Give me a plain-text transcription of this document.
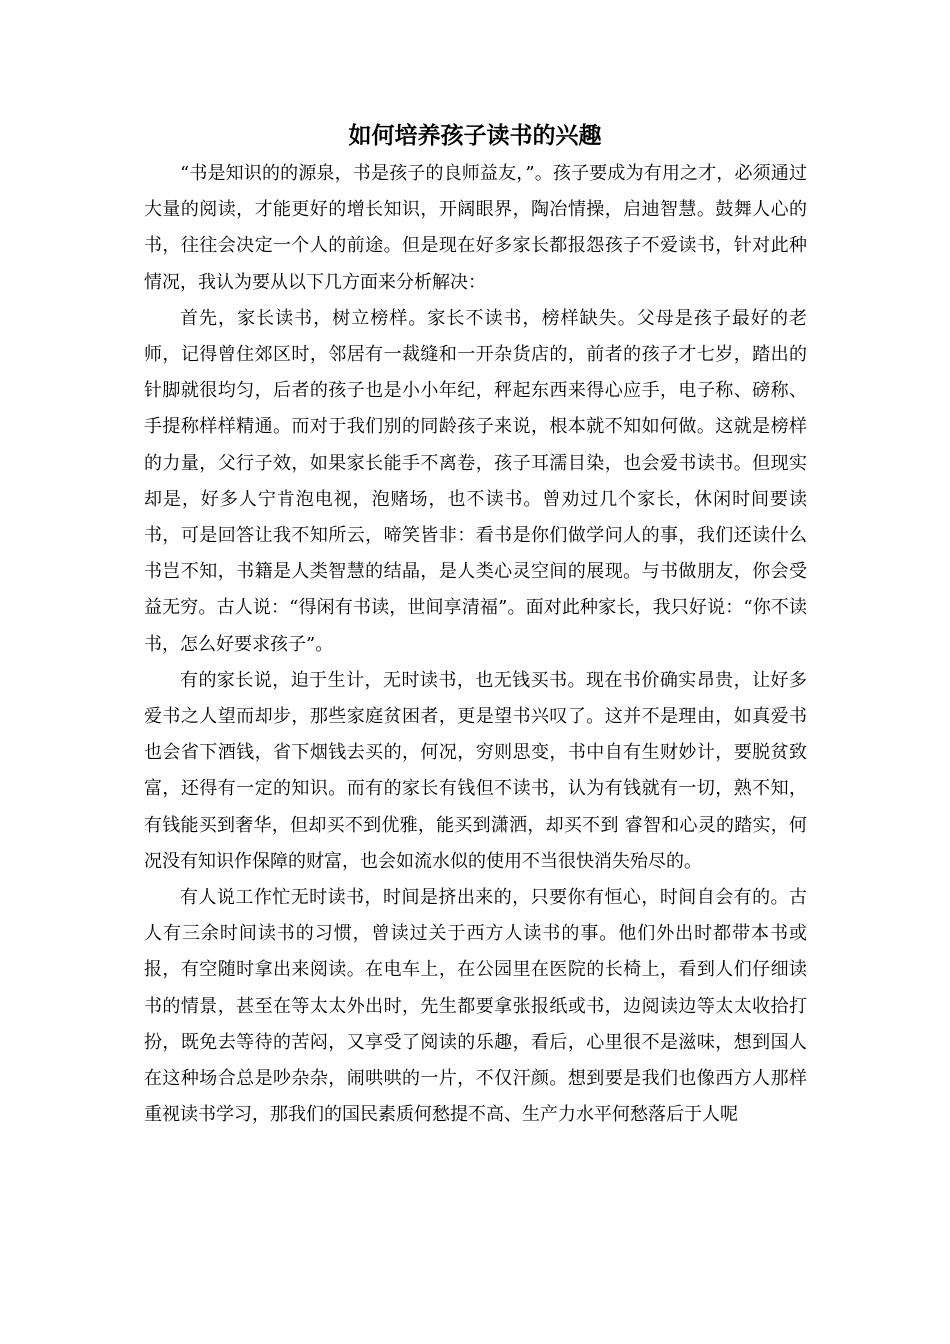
如何培养孩子读书的兴趣

“书是知识的的源泉，书是孩子的良师益友，”。孩子要成为有用之才，必须通过大量的阅读，才能更好的增长知识，开阔眼界，陶冶情操，启迪智慧。鼓舞人心的书，往往会决定一个人的前途。但是现在好多家长都报怨孩子不爱读书，针对此种情况，我认为要从以下几方面来分析解决：

首先，家长读书，树立榜样。家长不读书，榜样缺失。父母是孩子最好的老师，记得曾住郊区时，邻居有一裁缝和一开杂货店的，前者的孩子才七岁，踏出的针脚就很均匀，后者的孩子也是小小年纪，秤起东西来得心应手，电子称、磅称、手提称样样精通。而对于我们别的同龄孩子来说，根本就不知如何做。这就是榜样的力量，父行子效，如果家长能手不离卷，孩子耳濡目染，也会爱书读书。但现实却是，好多人宁肯泡电视，泡赌场，也不读书。曾劝过几个家长，休闲时间要读书，可是回答让我不知所云，啼笑皆非：看书是你们做学问人的事，我们还读什么书岂不知，书籍是人类智慧的结晶，是人类心灵空间的展现。与书做朋友，你会受益无穷。古人说：“得闲有书读，世间享清福”。面对此种家长，我只好说：“你不读书，怎么好要求孩子”。

有的家长说，迫于生计，无时读书，也无钱买书。现在书价确实昂贵，让好多爱书之人望而却步，那些家庭贫困者，更是望书兴叹了。这并不是理由，如真爱书也会省下酒钱，省下烟钱去买的，何况，穷则思变，书中自有生财妙计，要脱贫致富，还得有一定的知识。而有的家长有钱但不读书，认为有钱就有一切，熟不知，有钱能买到奢华，但却买不到优雅，能买到潇洒，却买不到 睿智和心灵的踏实，何况没有知识作保障的财富，也会如流水似的使用不当很快消失殆尽的。

有人说工作忙无时读书，时间是挤出来的，只要你有恒心，时间自会有的。古人有三余时间读书的习惯，曾读过关于西方人读书的事。他们外出时都带本书或报，有空随时拿出来阅读。在电车上，在公园里在医院的长椅上，看到人们仔细读书的情景，甚至在等太太外出时，先生都要拿张报纸或书，边阅读边等太太收拾打扮，既免去等待的苦闷，又享受了阅读的乐趣，看后，心里很不是滋味，想到国人在这种场合总是吵杂杂，闹哄哄的一片，不仅汗颜。想到要是我们也像西方人那样重视读书学习，那我们的国民素质何愁提不高、生产力水平何愁落后于人呢
